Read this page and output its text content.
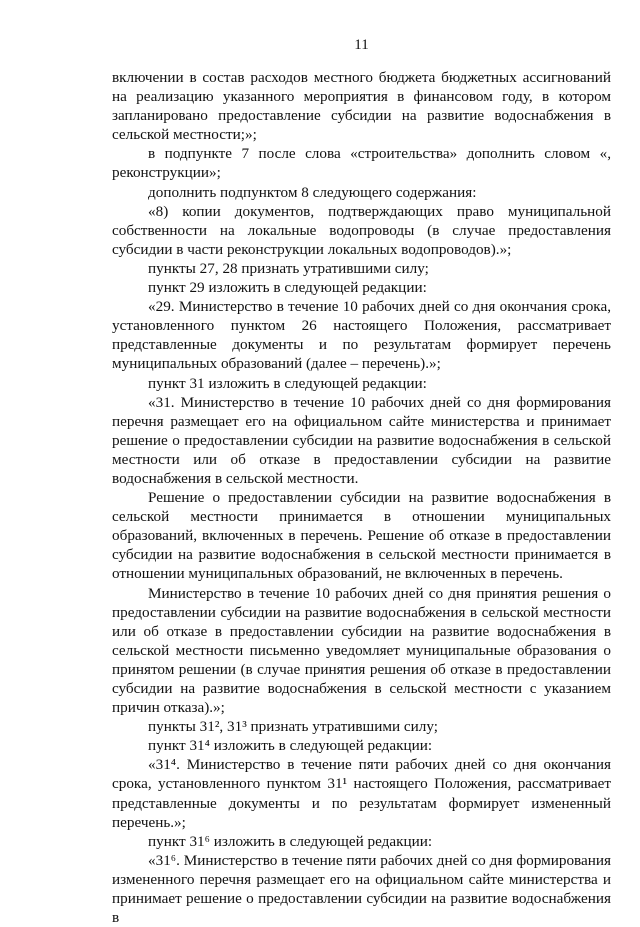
11

включении в состав расходов местного бюджета бюджетных ассигнований на реализацию указанного мероприятия в финансовом году, в котором запланировано предоставление субсидии на развитие водоснабжения в сельской местности;»;

в подпункте 7 после слова «строительства» дополнить словом «, реконструкции»;

дополнить подпунктом 8 следующего содержания:

«8) копии документов, подтверждающих право муниципальной собственности на локальные водопроводы (в случае предоставления субсидии в части реконструкции локальных водопроводов).»;

пункты 27, 28 признать утратившими силу;

пункт 29 изложить в следующей редакции:

«29. Министерство в течение 10 рабочих дней со дня окончания срока, установленного пунктом 26 настоящего Положения, рассматривает представленные документы и по результатам формирует перечень муниципальных образований (далее – перечень).»;

пункт 31 изложить в следующей редакции:

«31. Министерство в течение 10 рабочих дней со дня формирования перечня размещает его на официальном сайте министерства и принимает решение о предоставлении субсидии на развитие водоснабжения в сельской местности или об отказе в предоставлении субсидии на развитие водоснабжения в сельской местности.

Решение о предоставлении субсидии на развитие водоснабжения в сельской местности принимается в отношении муниципальных образований, включенных в перечень. Решение об отказе в предоставлении субсидии на развитие водоснабжения в сельской местности принимается в отношении муниципальных образований, не включенных в перечень.

Министерство в течение 10 рабочих дней со дня принятия решения о предоставлении субсидии на развитие водоснабжения в сельской местности или об отказе в предоставлении субсидии на развитие водоснабжения в сельской местности письменно уведомляет муниципальные образования о принятом решении (в случае принятия решения об отказе в предоставлении субсидии на развитие водоснабжения в сельской местности с указанием причин отказа).»;

пункты 31², 31³ признать утратившими силу;

пункт 31⁴ изложить в следующей редакции:

«31⁴. Министерство в течение пяти рабочих дней со дня окончания срока, установленного пунктом 31¹ настоящего Положения, рассматривает представленные документы и по результатам формирует измененный перечень.»;

пункт 31⁶ изложить в следующей редакции:

«31⁶. Министерство в течение пяти рабочих дней со дня формирования измененного перечня размещает его на официальном сайте министерства и принимает решение о предоставлении субсидии на развитие водоснабжения в
